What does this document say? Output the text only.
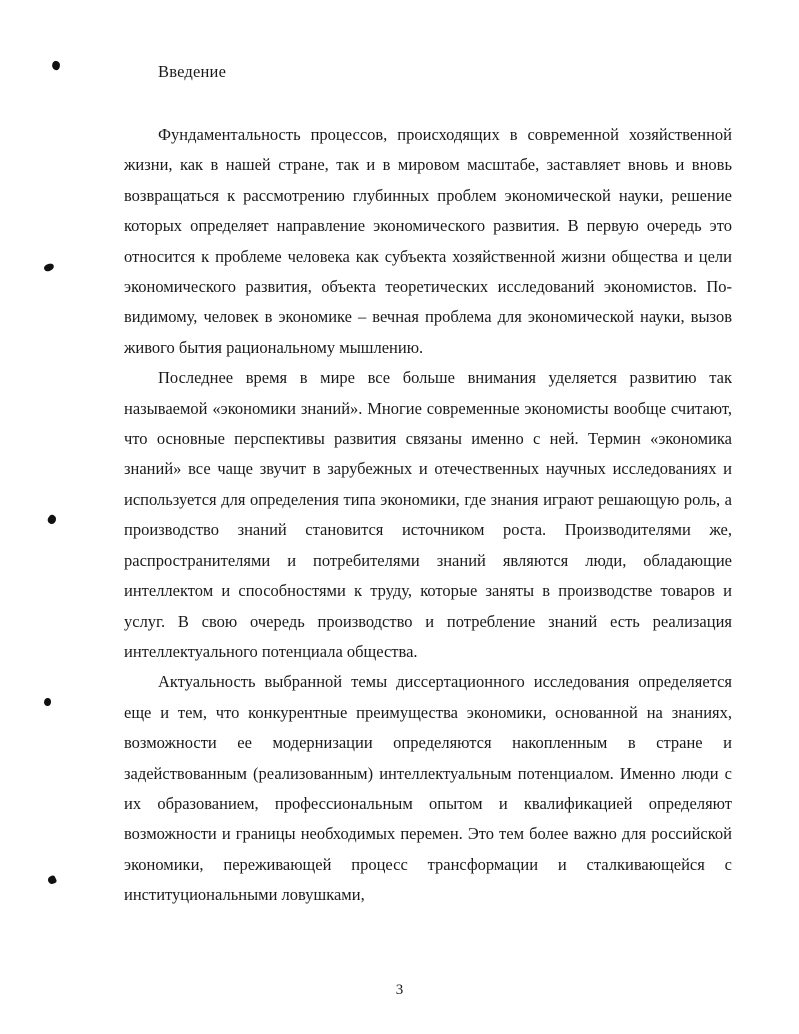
Введение

Фундаментальность процессов, происходящих в современной хозяйственной жизни, как в нашей стране, так и в мировом масштабе, заставляет вновь и вновь возвращаться к рассмотрению глубинных проблем экономической науки, решение которых определяет направление экономического развития. В первую очередь это относится к проблеме человека как субъекта хозяйственной жизни общества и цели экономического развития, объекта теоретических исследований экономистов. По-видимому, человек в экономике – вечная проблема для экономической науки, вызов живого бытия рациональному мышлению.

Последнее время в мире все больше внимания уделяется развитию так называемой «экономики знаний». Многие современные экономисты вообще считают, что основные перспективы развития связаны именно с ней. Термин «экономика знаний» все чаще звучит в зарубежных и отечественных научных исследованиях и используется для определения типа экономики, где знания играют решающую роль, а производство знаний становится источником роста. Производителями же, распространителями и потребителями знаний являются люди, обладающие интеллектом и способностями к труду, которые заняты в производстве товаров и услуг. В свою очередь производство и потребление знаний есть реализация интеллектуального потенциала общества.

Актуальность выбранной темы диссертационного исследования определяется еще и тем, что конкурентные преимущества экономики, основанной на знаниях, возможности ее модернизации определяются накопленным в стране и задействованным (реализованным) интеллектуальным потенциалом. Именно люди с их образованием, профессиональным опытом и квалификацией определяют возможности и границы необходимых перемен. Это тем более важно для российской экономики, переживающей процесс трансформации и сталкивающейся с институциональными ловушками,

3
